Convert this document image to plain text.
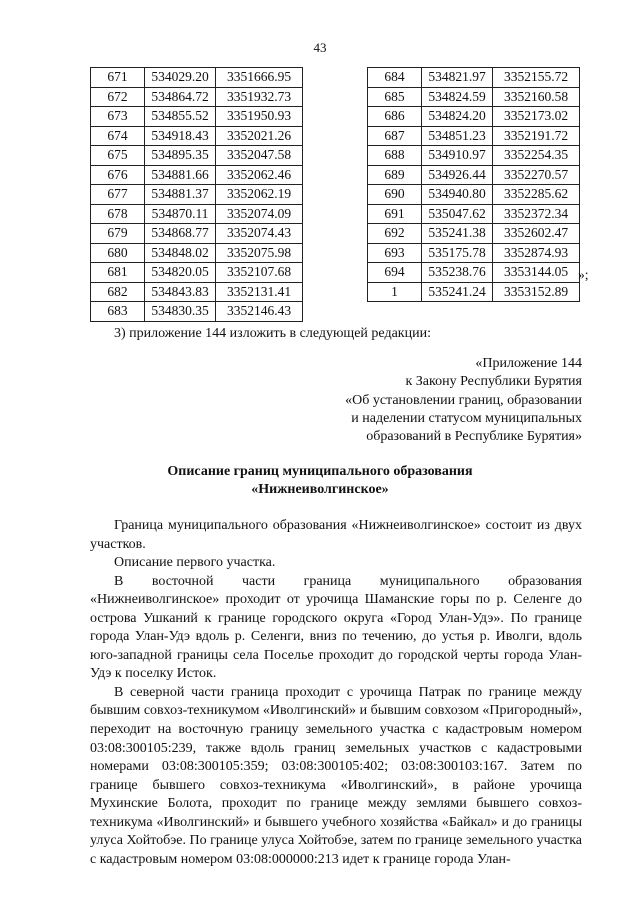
43
671	534029.20	3351666.95
672	534864.72	3351932.73
673	534855.52	3351950.93
674	534918.43	3352021.26
675	534895.35	3352047.58
676	534881.66	3352062.46
677	534881.37	3352062.19
678	534870.11	3352074.09
679	534868.77	3352074.43
680	534848.02	3352075.98
681	534820.05	3352107.68
682	534843.83	3352131.41
683	534830.35	3352146.43
684	534821.97	3352155.72
685	534824.59	3352160.58
686	534824.20	3352173.02
687	534851.23	3352191.72
688	534910.97	3352254.35
689	534926.44	3352270.57
690	534940.80	3352285.62
691	535047.62	3352372.34
692	535241.38	3352602.47
693	535175.78	3352874.93
694	535238.76	3353144.05
1	535241.24	3353152.89
»;
3) приложение 144 изложить в следующей редакции:
«Приложение 144
к Закону Республики Бурятия
«Об установлении границ, образовании
и наделении статусом муниципальных
образований в Республике Бурятия»
Описание границ муниципального образования
«Нижнеиволгинское»

Граница муниципального образования «Нижнеиволгинское» состоит из двух участков.

Описание первого участка.

В восточной части граница муниципального образования «Нижнеиволгинское» проходит от урочища Шаманские горы по р. Селенге до острова Ушканий к границе городского округа «Город Улан-Удэ». По границе города Улан-Удэ вдоль р. Селенги, вниз по течению, до устья р. Иволги, вдоль юго-западной границы села Поселье проходит до городской черты города Улан-Удэ к поселку Исток.

В северной части граница проходит с урочища Патрак по границе между бывшим совхоз-техникумом «Иволгинский» и бывшим совхозом «Пригородный», переходит на восточную границу земельного участка с кадастровым номером 03:08:300105:239, также вдоль границ земельных участков с кадастровыми номерами 03:08:300105:359; 03:08:300105:402; 03:08:300103:167. Затем по границе бывшего совхоз-техникума «Иволгинский», в районе урочища Мухинские Болота, проходит по границе между землями бывшего совхоз-техникума «Иволгинский» и бывшего учебного хозяйства «Байкал» и до границы улуса Хойтобэе. По границе улуса Хойтобэе, затем по границе земельного участка с кадастровым номером 03:08:000000:213 идет к границе города Улан-
